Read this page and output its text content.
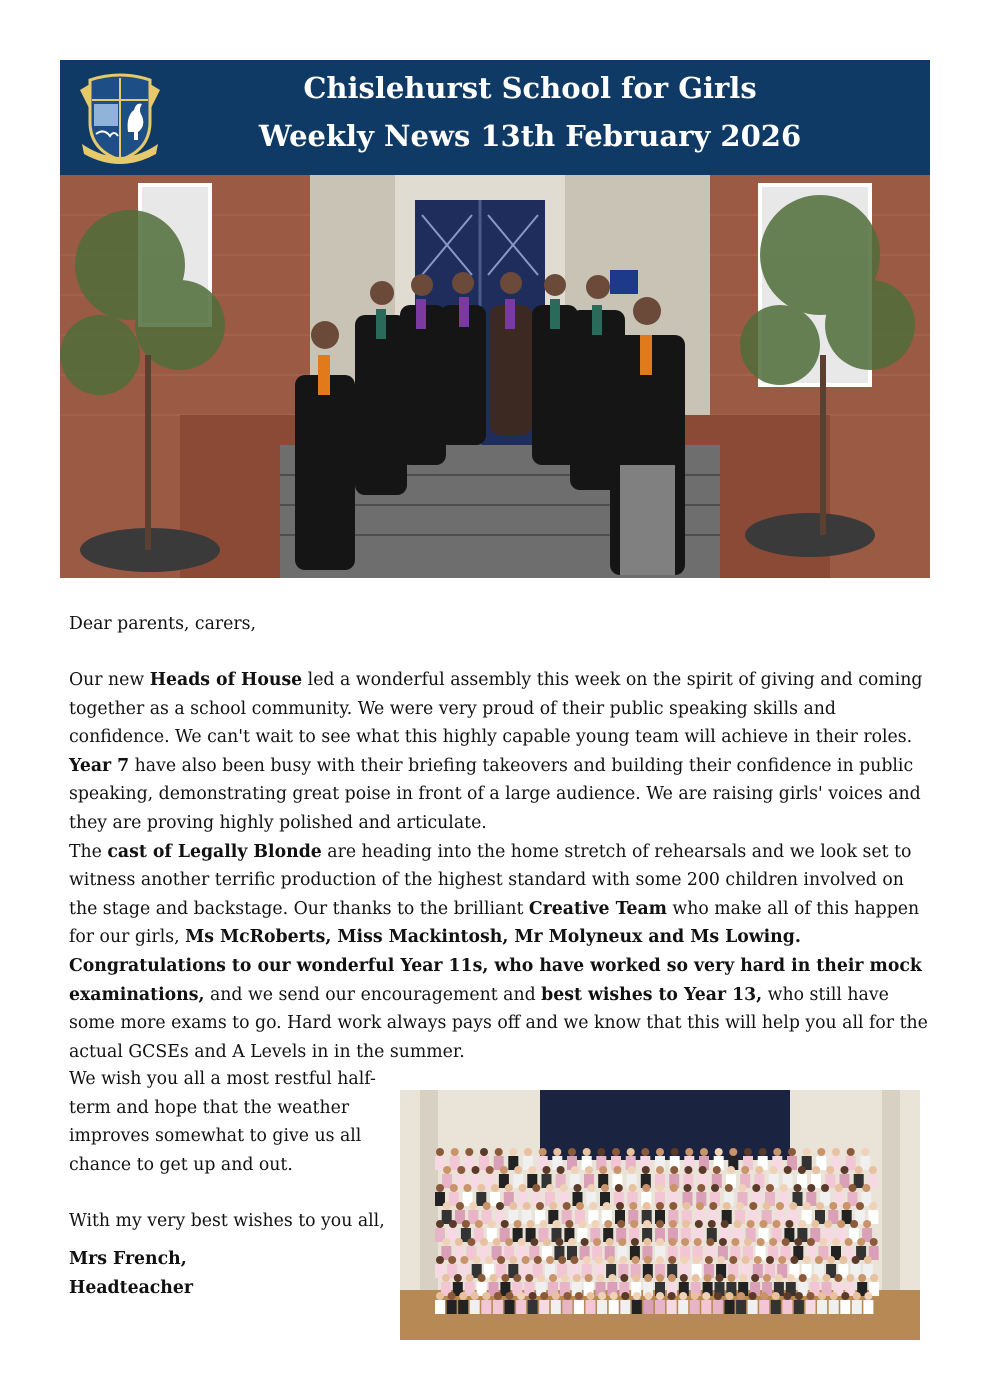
Chislehurst School for Girls
Weekly News 13th February 2026
Dear parents, carers,

Our new Heads of House led a wonderful assembly this week on the spirit of giving and coming together as a school community. We were very proud of their public speaking skills and confidence. We can't wait to see what this highly capable young team will achieve in their roles. Year 7 have also been busy with their briefing takeovers and building their confidence in public speaking, demonstrating great poise in front of a large audience. We are raising girls' voices and they are proving highly polished and articulate.

The cast of Legally Blonde are heading into the home stretch of rehearsals and we look set to witness another terrific production of the highest standard with some 200 children involved on the stage and backstage. Our thanks to the brilliant Creative Team who make all of this happen for our girls, Ms McRoberts, Miss Mackintosh, Mr Molyneux and Ms Lowing.

Congratulations to our wonderful Year 11s, who have worked so very hard in their mock examinations, and we send our encouragement and best wishes to Year 13, who still have some more exams to go. Hard work always pays off and we know that this will help you all for the actual GCSEs and A Levels in in the summer.

We wish you all a most restful half-term and hope that the weather improves somewhat to give us all chance to get up and out.
With my very best wishes to you all,
Mrs French,
Headteacher
